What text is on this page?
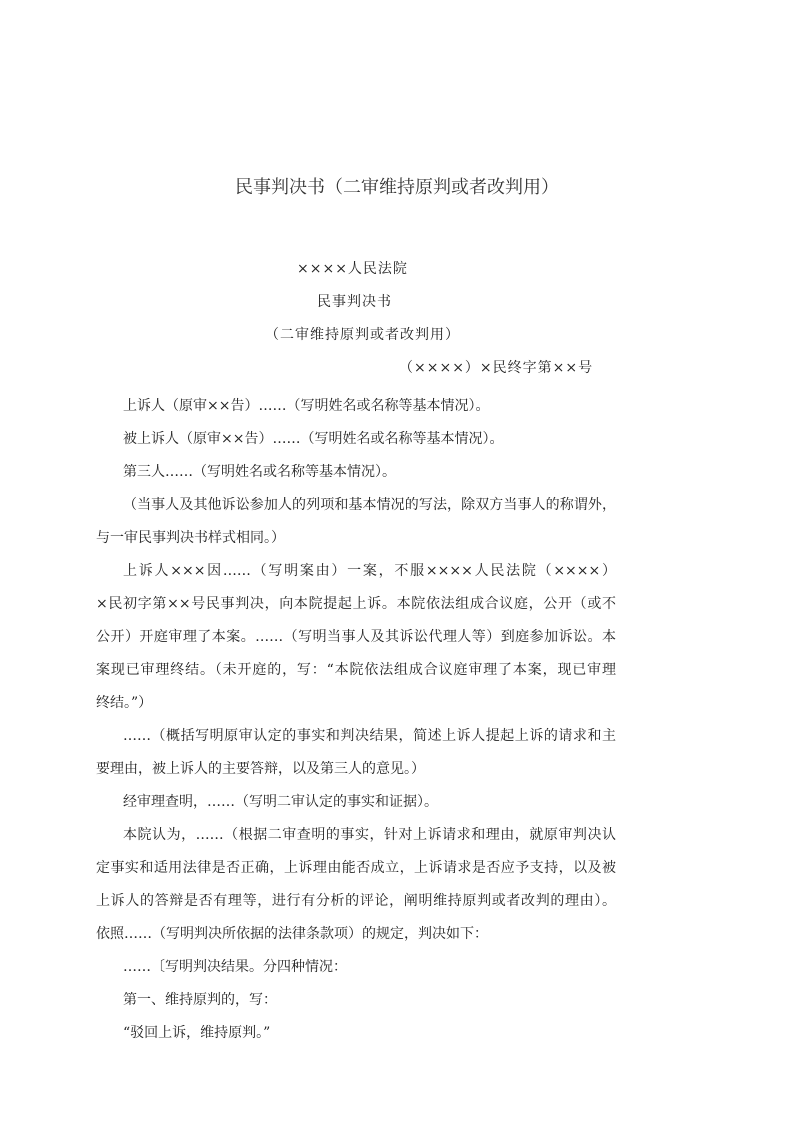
民事判决书（二审维持原判或者改判用）
××××人民法院
民事判决书
（二审维持原判或者改判用）
（××××）×民终字第××号
上诉人（原审××告）……（写明姓名或名称等基本情况）。
被上诉人（原审××告）……（写明姓名或名称等基本情况）。
第三人……（写明姓名或名称等基本情况）。
（当事人及其他诉讼参加人的列项和基本情况的写法，除双方当事人的称谓外，
与一审民事判决书样式相同。）
上诉人×××因……（写明案由）一案，不服××××人民法院（××××）
×民初字第××号民事判决，向本院提起上诉。本院依法组成合议庭，公开（或不
公开）开庭审理了本案。……（写明当事人及其诉讼代理人等）到庭参加诉讼。本
案现已审理终结。（未开庭的，写：“本院依法组成合议庭审理了本案，现已审理
终结。”）
……（概括写明原审认定的事实和判决结果，简述上诉人提起上诉的请求和主
要理由，被上诉人的主要答辩，以及第三人的意见。）
经审理查明，……（写明二审认定的事实和证据）。
本院认为，……（根据二审查明的事实，针对上诉请求和理由，就原审判决认
定事实和适用法律是否正确，上诉理由能否成立，上诉请求是否应予支持，以及被
上诉人的答辩是否有理等，进行有分析的评论，阐明维持原判或者改判的理由）。
依照……（写明判决所依据的法律条款项）的规定，判决如下：
……〔写明判决结果。分四种情况：
第一、维持原判的，写：
“驳回上诉，维持原判。”
